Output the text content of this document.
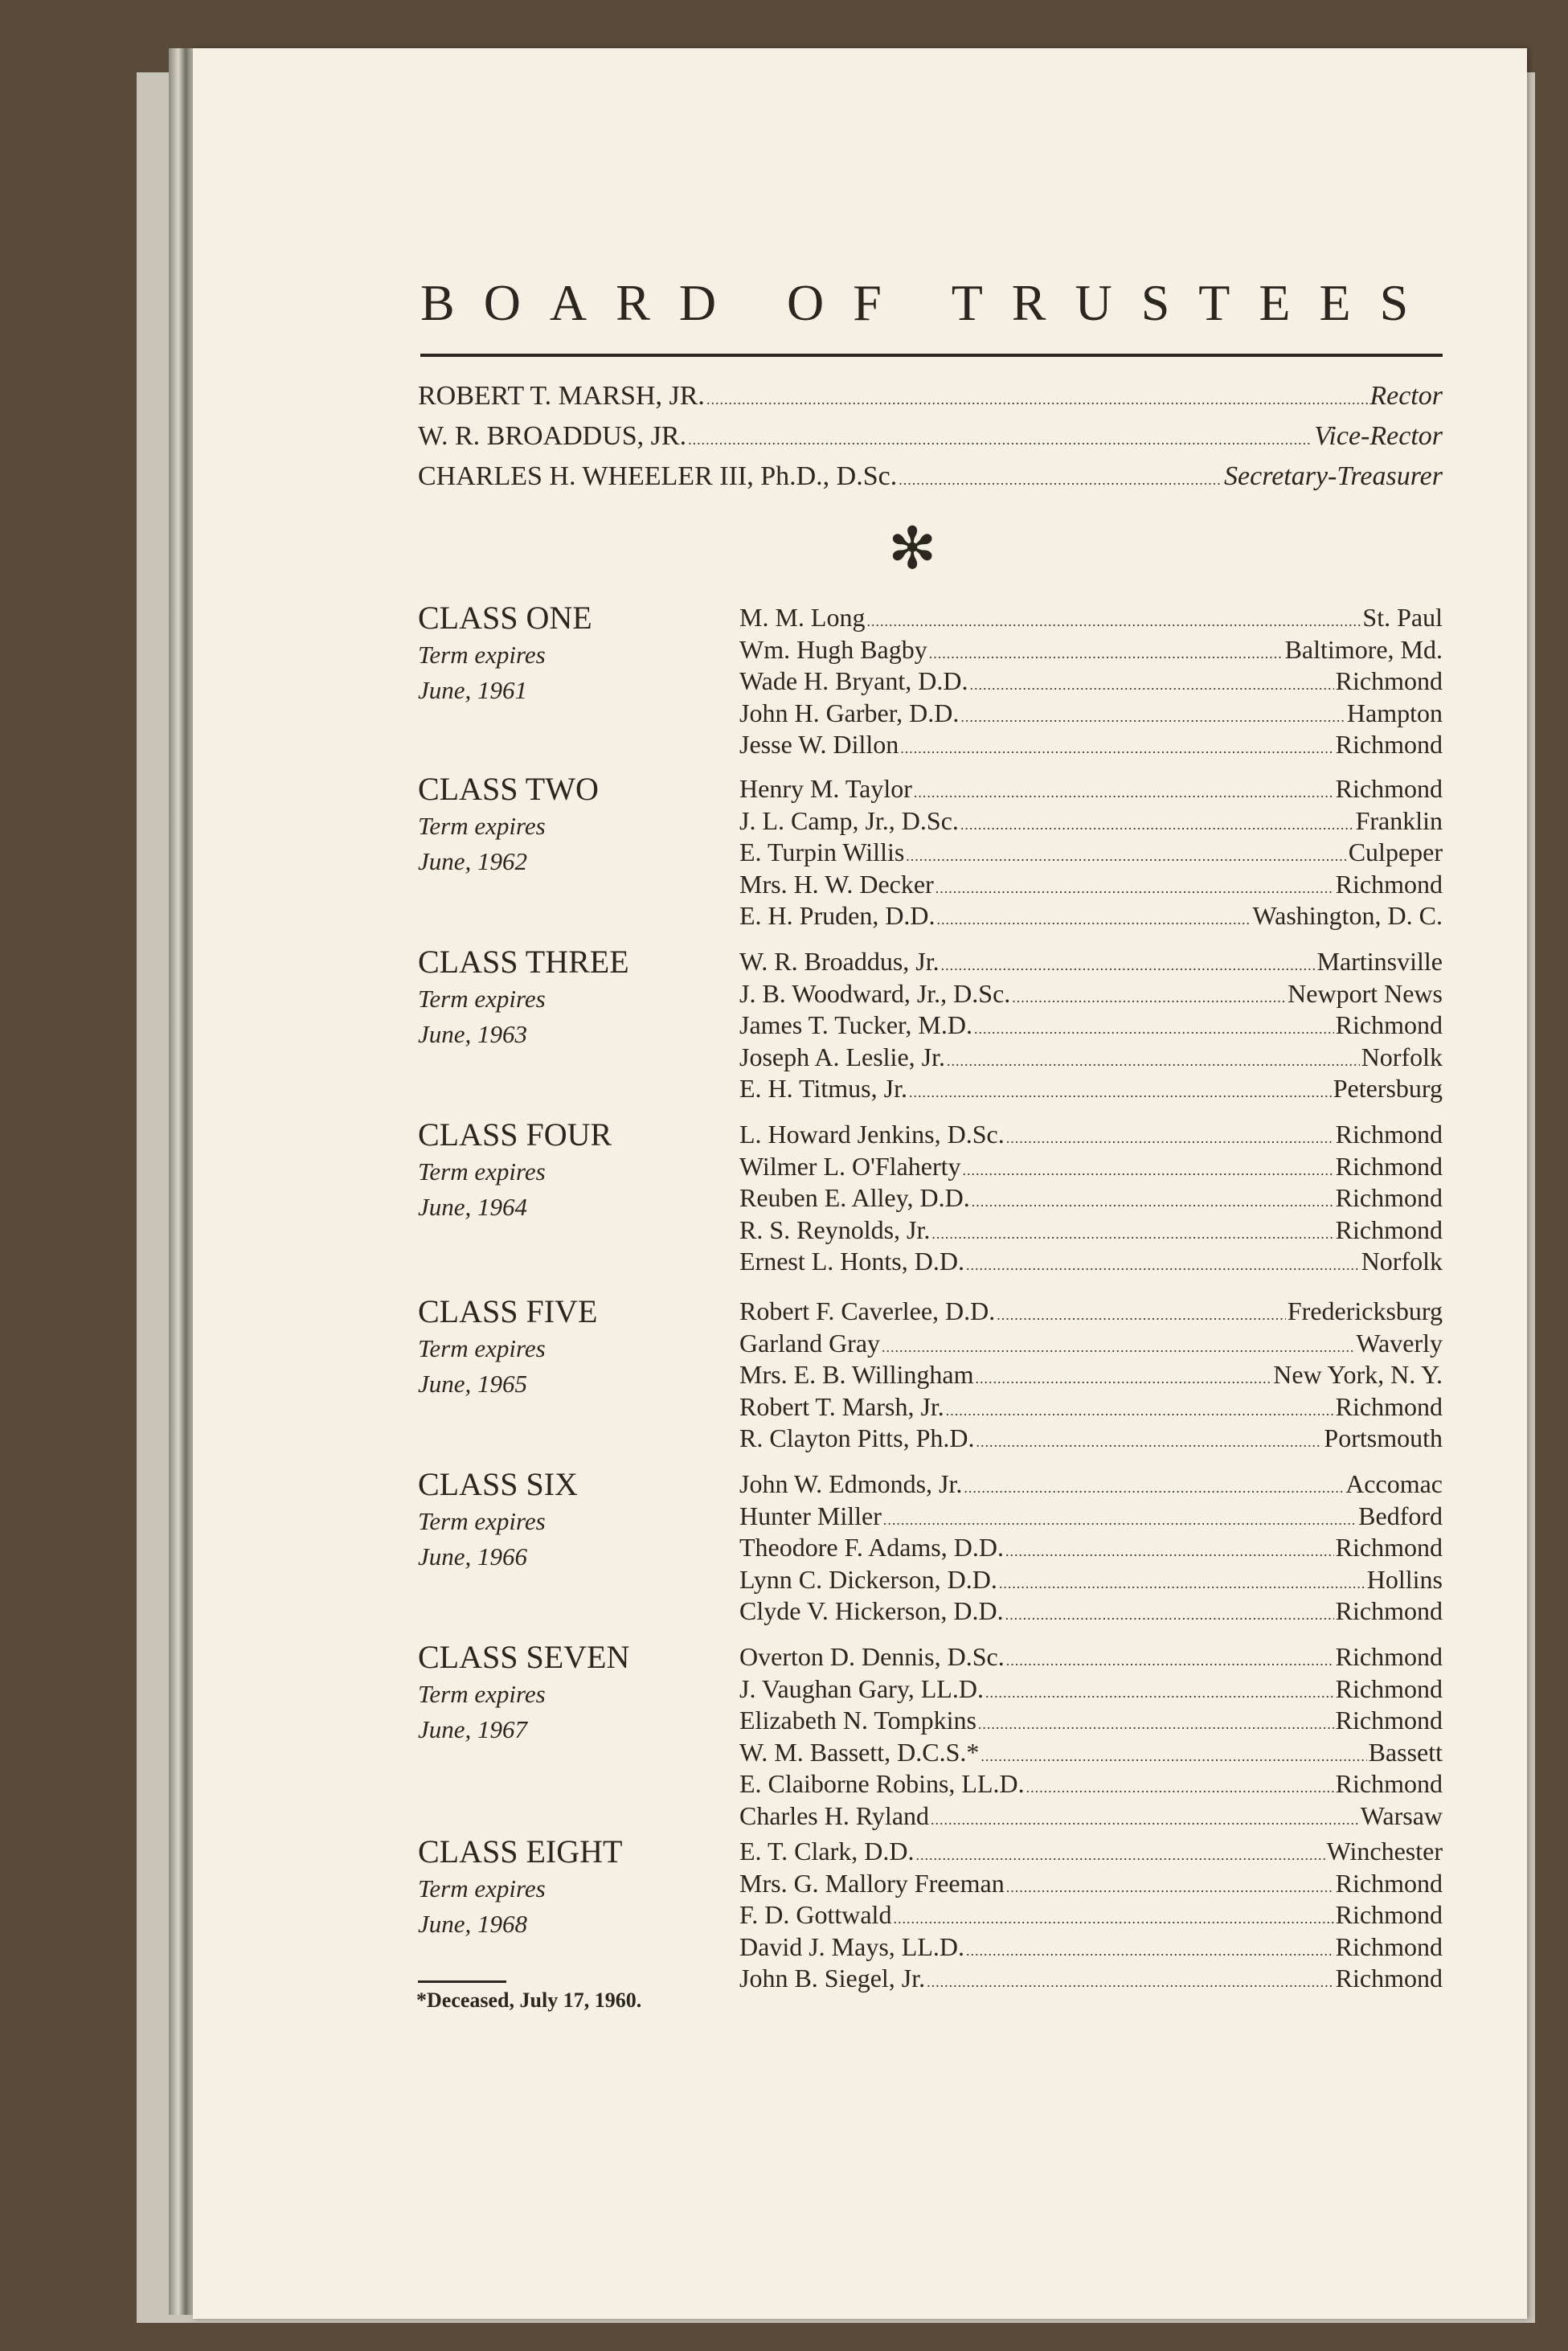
BOARD OF TRUSTEES
ROBERT T. MARSH, JR. .....	Rector
W. R. BROADDUS, JR. .....	Vice-Rector
CHARLES H. WHEELER III, Ph.D., D.Sc. .....	Secretary-Treasurer
✻
CLASS ONE
Term expires
June, 1961
M. M. Long .....	St. Paul
Wm. Hugh Bagby .....	Baltimore, Md.
Wade H. Bryant, D.D. .....	Richmond
John H. Garber, D.D. .....	Hampton
Jesse W. Dillon .....	Richmond
CLASS TWO
Term expires
June, 1962
Henry M. Taylor .....	Richmond
J. L. Camp, Jr., D.Sc. .....	Franklin
E. Turpin Willis .....	Culpeper
Mrs. H. W. Decker .....	Richmond
E. H. Pruden, D.D. .....	Washington, D. C.
CLASS THREE
Term expires
June, 1963
W. R. Broaddus, Jr. .....	Martinsville
J. B. Woodward, Jr., D.Sc. .....	Newport News
James T. Tucker, M.D. .....	Richmond
Joseph A. Leslie, Jr. .....	Norfolk
E. H. Titmus, Jr. .....	Petersburg
CLASS FOUR
Term expires
June, 1964
L. Howard Jenkins, D.Sc. .....	Richmond
Wilmer L. O'Flaherty .....	Richmond
Reuben E. Alley, D.D. .....	Richmond
R. S. Reynolds, Jr. .....	Richmond
Ernest L. Honts, D.D. .....	Norfolk
CLASS FIVE
Term expires
June, 1965
Robert F. Caverlee, D.D. .....	Fredericksburg
Garland Gray .....	Waverly
Mrs. E. B. Willingham .....	New York, N. Y.
Robert T. Marsh, Jr. .....	Richmond
R. Clayton Pitts, Ph.D. .....	Portsmouth
CLASS SIX
Term expires
June, 1966
John W. Edmonds, Jr. .....	Accomac
Hunter Miller .....	Bedford
Theodore F. Adams, D.D. .....	Richmond
Lynn C. Dickerson, D.D. .....	Hollins
Clyde V. Hickerson, D.D. .....	Richmond
CLASS SEVEN
Term expires
June, 1967
Overton D. Dennis, D.Sc. .....	Richmond
J. Vaughan Gary, LL.D. .....	Richmond
Elizabeth N. Tompkins .....	Richmond
W. M. Bassett, D.C.S.* .....	Bassett
E. Claiborne Robins, LL.D. .....	Richmond
Charles H. Ryland .....	Warsaw
CLASS EIGHT
Term expires
June, 1968
E. T. Clark, D.D. .....	Winchester
Mrs. G. Mallory Freeman .....	Richmond
F. D. Gottwald .....	Richmond
David J. Mays, LL.D. .....	Richmond
John B. Siegel, Jr. .....	Richmond
*Deceased, July 17, 1960.
